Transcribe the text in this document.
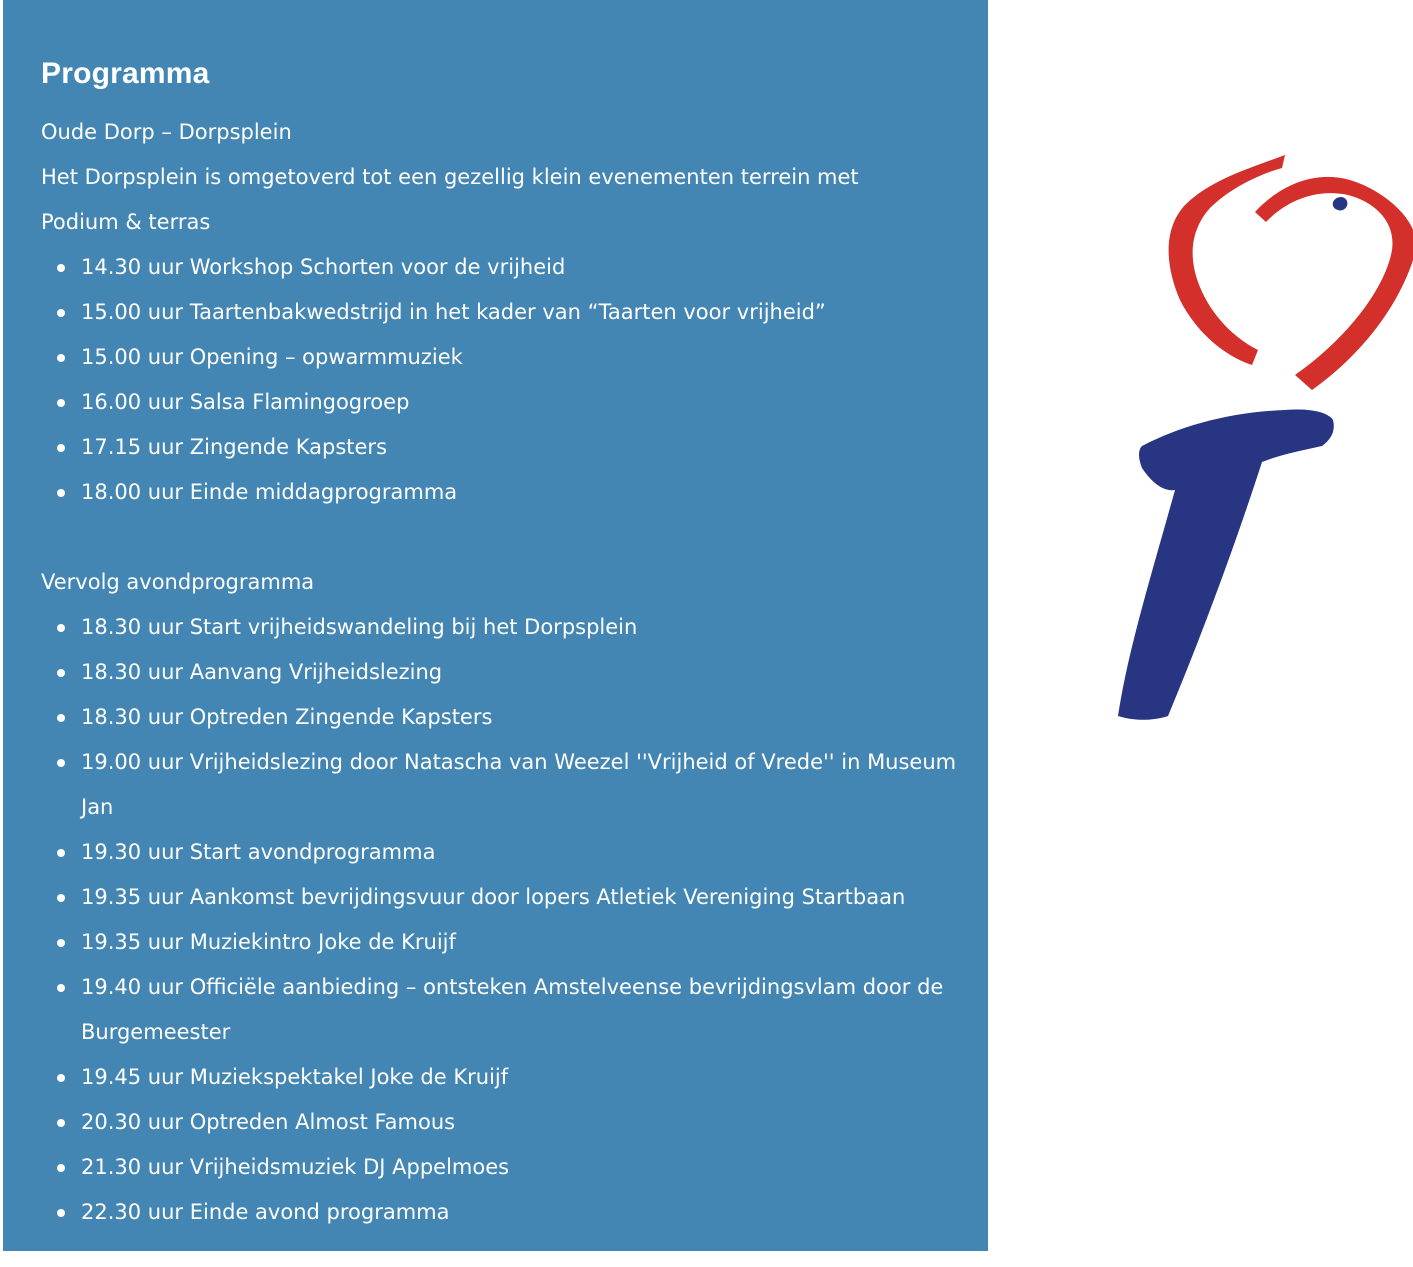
Programma
Oude Dorp – Dorpsplein
Het Dorpsplein is omgetoverd tot een gezellig klein evenementen terrein met
Podium & terras
14.30 uur Workshop Schorten voor de vrijheid
15.00 uur Taartenbakwedstrijd in het kader van “Taarten voor vrijheid”
15.00 uur Opening – opwarmmuziek
16.00 uur Salsa Flamingogroep
17.15 uur Zingende Kapsters
18.00 uur Einde middagprogramma
Vervolg avondprogramma
18.30 uur Start vrijheidswandeling bij het Dorpsplein
18.30 uur Aanvang Vrijheidslezing
18.30 uur Optreden Zingende Kapsters
19.00 uur Vrijheidslezing door Natascha van Weezel ''Vrijheid of Vrede'' in Museum Jan
19.30 uur Start avondprogramma
19.35 uur Aankomst bevrijdingsvuur door lopers Atletiek Vereniging Startbaan
19.35 uur Muziekintro Joke de Kruijf
19.40 uur Officiële aanbieding – ontsteken Amstelveense bevrijdingsvlam door de Burgemeester
19.45 uur Muziekspektakel Joke de Kruijf
20.30 uur Optreden Almost Famous
21.30 uur Vrijheidsmuziek DJ Appelmoes
22.30 uur Einde avond programma
